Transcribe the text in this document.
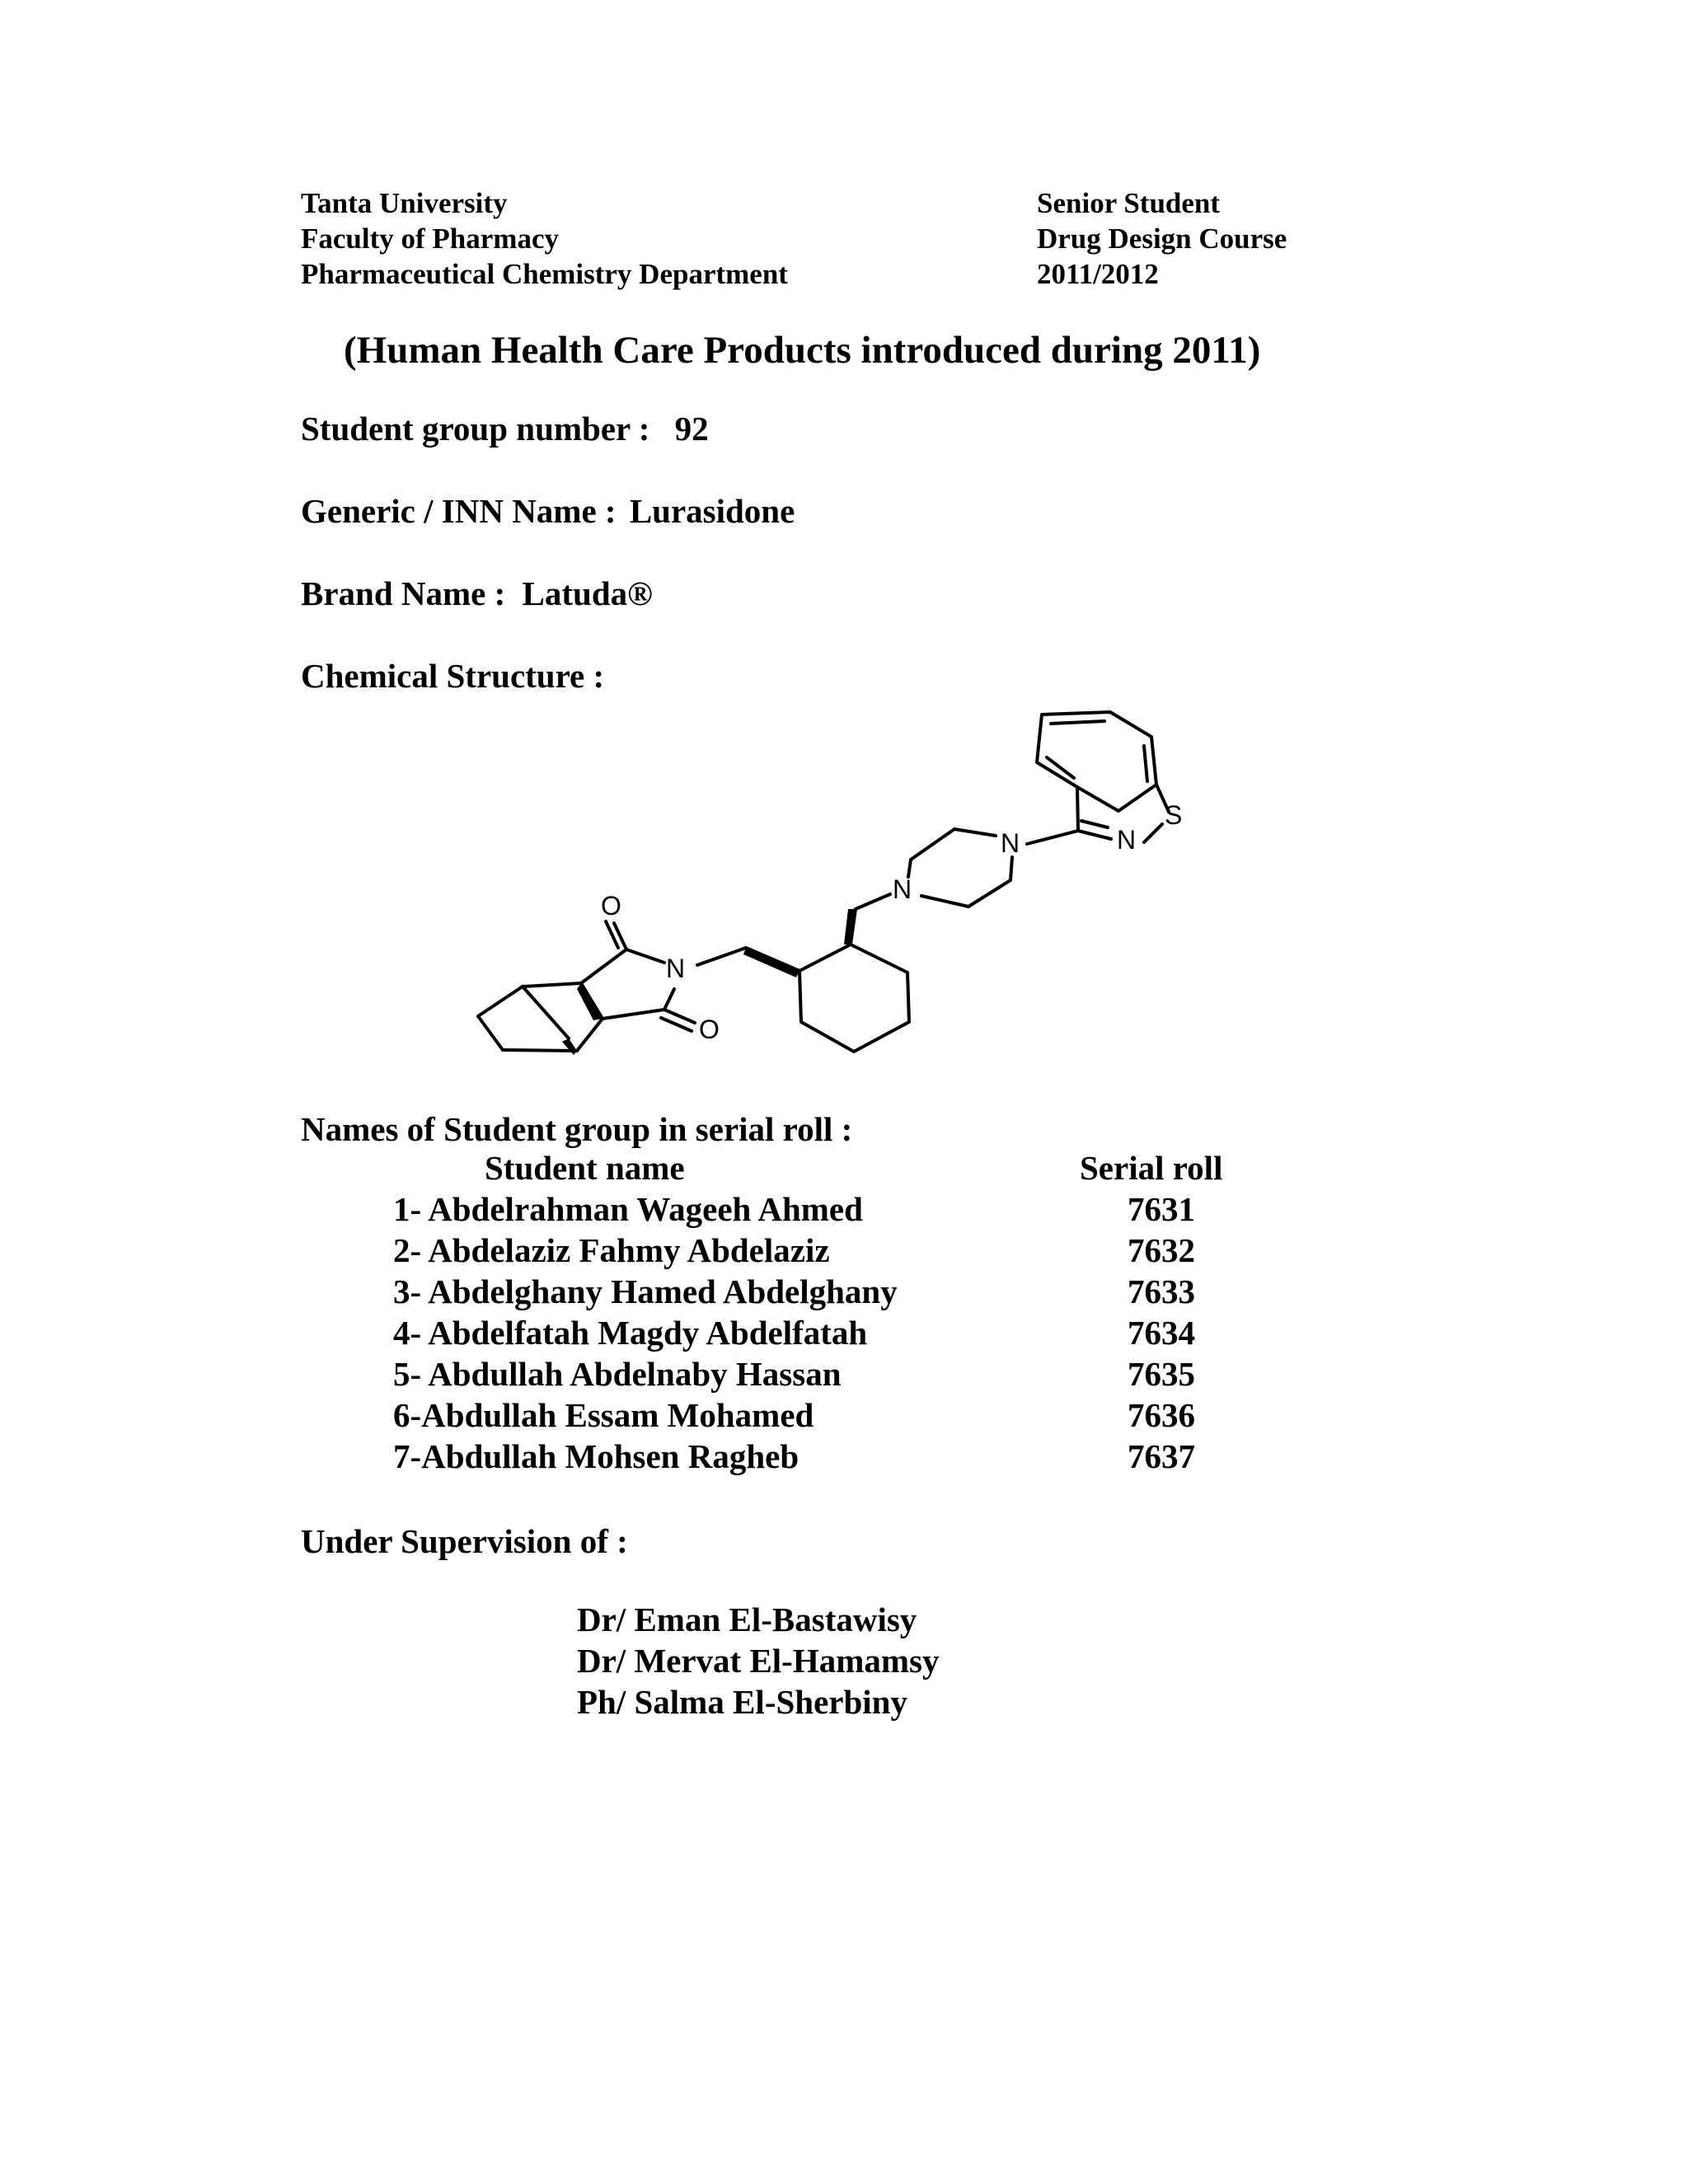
Tanta University
Faculty of Pharmacy
Pharmaceutical Chemistry Department
Senior Student
Drug Design Course
2011/2012
(Human Health Care Products introduced during 2011)
Student group number : 92
Generic / INN Name : Lurasidone
Brand Name : Latuda®
Chemical Structure :
O
O
N
N
N
S
N
Names of Student group in serial roll :
Student name	Serial roll
1- Abdelrahman Wageeh Ahmed	7631
2- Abdelaziz Fahmy Abdelaziz	7632
3- Abdelghany Hamed Abdelghany	7633
4- Abdelfatah Magdy Abdelfatah	7634
5- Abdullah Abdelnaby Hassan	7635
6-Abdullah Essam Mohamed	7636
7-Abdullah Mohsen Ragheb	7637
Under Supervision of :
Dr/ Eman El-Bastawisy
Dr/ Mervat El-Hamamsy
Ph/ Salma El-Sherbiny
